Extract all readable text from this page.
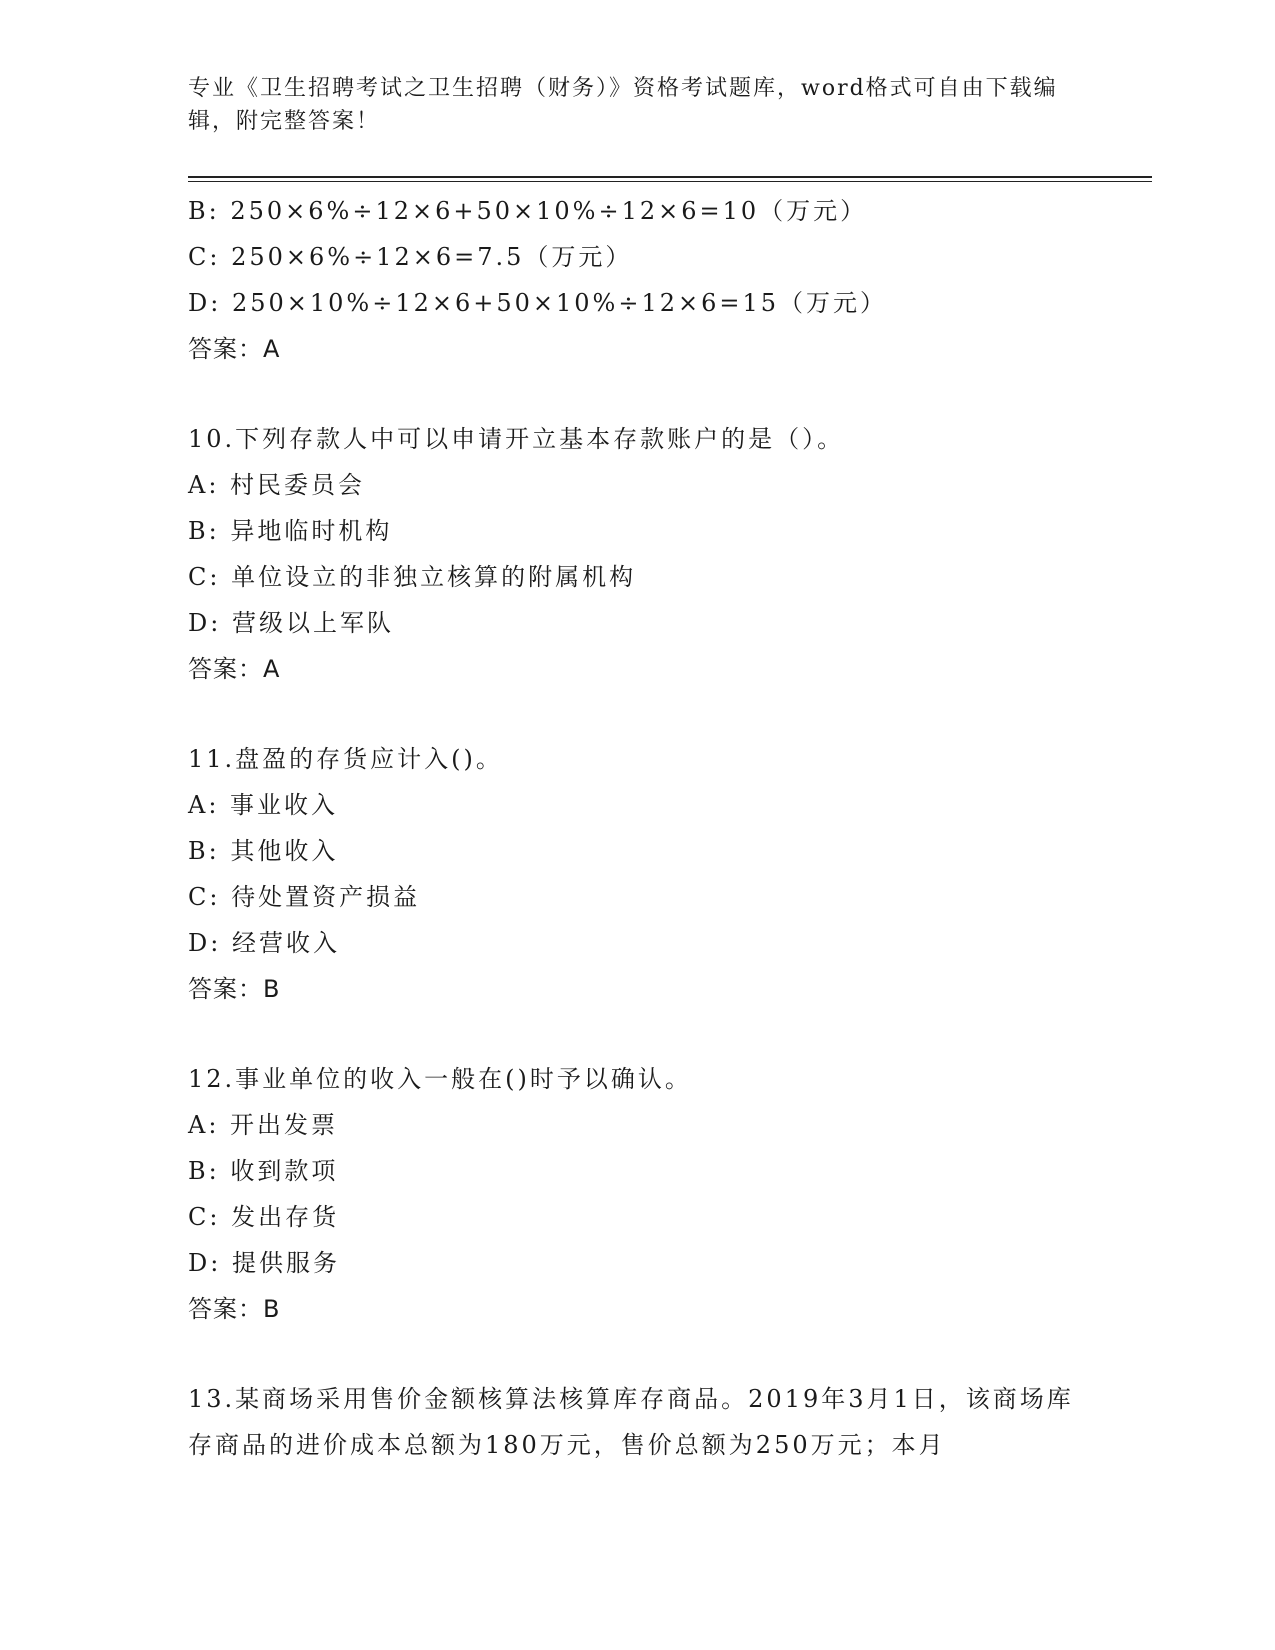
专业《卫生招聘考试之卫生招聘（财务）》资格考试题库，word格式可自由下载编辑，附完整答案！
B: 250×6%÷12×6+50×10%÷12×6=10（万元）
C: 250×6%÷12×6=7.5（万元）
D: 250×10%÷12×6+50×10%÷12×6=15（万元）
答案：A
10.下列存款人中可以申请开立基本存款账户的是（）。
A: 村民委员会
B: 异地临时机构
C: 单位设立的非独立核算的附属机构
D: 营级以上军队
答案：A
11.盘盈的存货应计入()。
A: 事业收入
B: 其他收入
C: 待处置资产损益
D: 经营收入
答案：B
12.事业单位的收入一般在()时予以确认。
A: 开出发票
B: 收到款项
C: 发出存货
D: 提供服务
答案：B
13.某商场采用售价金额核算法核算库存商品。2019年3月1日，该商场库存商品的进价成本总额为180万元，售价总额为250万元；本月
